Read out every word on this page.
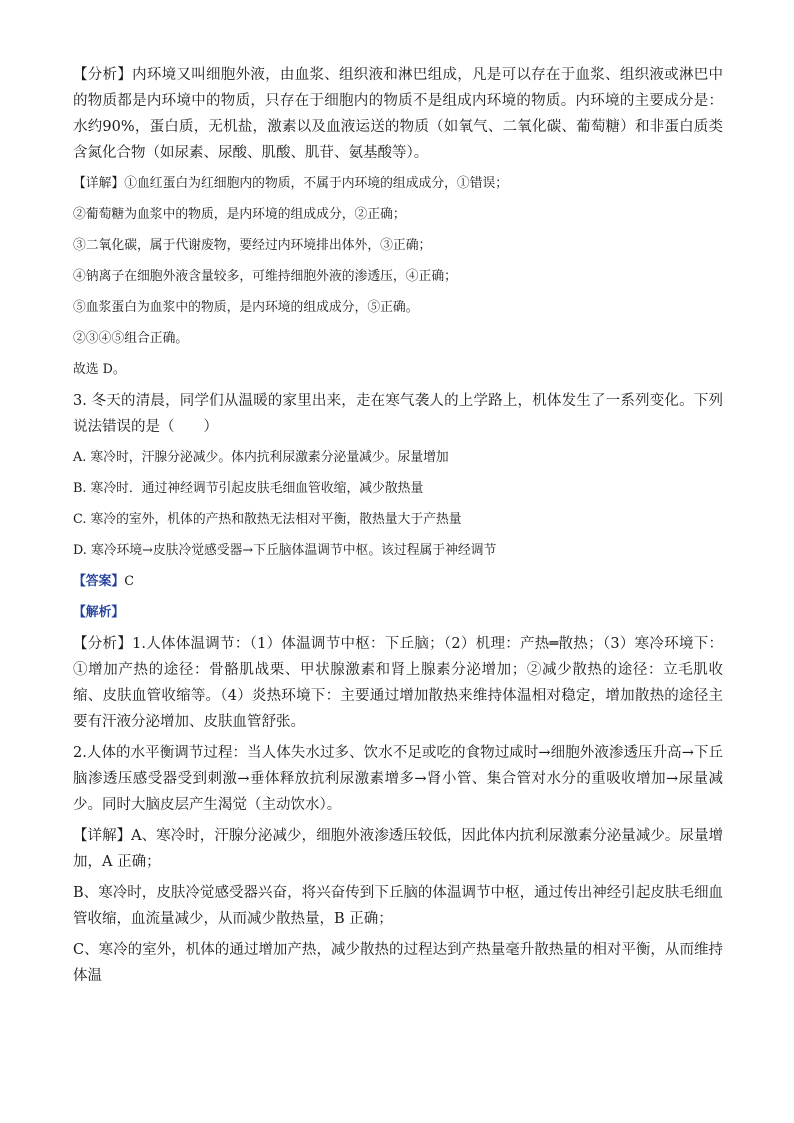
【分析】内环境又叫细胞外液，由血浆、组织液和淋巴组成，凡是可以存在于血浆、组织液或淋巴中的物质都是内环境中的物质，只存在于细胞内的物质不是组成内环境的物质。内环境的主要成分是：水约90%，蛋白质，无机盐，激素以及血液运送的物质（如氧气、二氧化碳、葡萄糖）和非蛋白质类含氮化合物（如尿素、尿酸、肌酸、肌苷、氨基酸等）。

【详解】①血红蛋白为红细胞内的物质，不属于内环境的组成成分，①错误；

②葡萄糖为血浆中的物质，是内环境的组成成分，②正确；

③二氧化碳，属于代谢废物，要经过内环境排出体外，③正确；

④钠离子在细胞外液含量较多，可维持细胞外液的渗透压，④正确；

⑤血浆蛋白为血浆中的物质，是内环境的组成成分，⑤正确。

②③④⑤组合正确。

故选 D。

3. 冬天的清晨，同学们从温暖的家里出来，走在寒气袭人的上学路上，机体发生了一系列变化。下列说法错误的是（　　）

A. 寒冷时，汗腺分泌减少。体内抗利尿激素分泌量减少。尿量增加

B. 寒冷时．通过神经调节引起皮肤毛细血管收缩，减少散热量

C. 寒冷的室外，机体的产热和散热无法相对平衡，散热量大于产热量

D. 寒冷环境→皮肤冷觉感受器→下丘脑体温调节中枢。该过程属于神经调节

【答案】C

【解析】

【分析】1.人体体温调节：（1）体温调节中枢：下丘脑；（2）机理：产热═散热；（3）寒冷环境下：①增加产热的途径：骨骼肌战栗、甲状腺激素和肾上腺素分泌增加；②减少散热的途径：立毛肌收缩、皮肤血管收缩等。（4）炎热环境下：主要通过增加散热来维持体温相对稳定，增加散热的途径主要有汗液分泌增加、皮肤血管舒张。

2.人体的水平衡调节过程：当人体失水过多、饮水不足或吃的食物过咸时→细胞外液渗透压升高→下丘脑渗透压感受器受到刺激→垂体释放抗利尿激素增多→肾小管、集合管对水分的重吸收增加→尿量减少。同时大脑皮层产生渴觉（主动饮水）。

【详解】A、寒冷时，汗腺分泌减少，细胞外液渗透压较低，因此体内抗利尿激素分泌量减少。尿量增加，A 正确；

B、寒冷时，皮肤冷觉感受器兴奋，将兴奋传到下丘脑的体温调节中枢，通过传出神经引起皮肤毛细血管收缩，血流量减少，从而减少散热量，B 正确；

C、寒冷的室外，机体的通过增加产热，减少散热的过程达到产热量毫升散热量的相对平衡，从而维持体温
